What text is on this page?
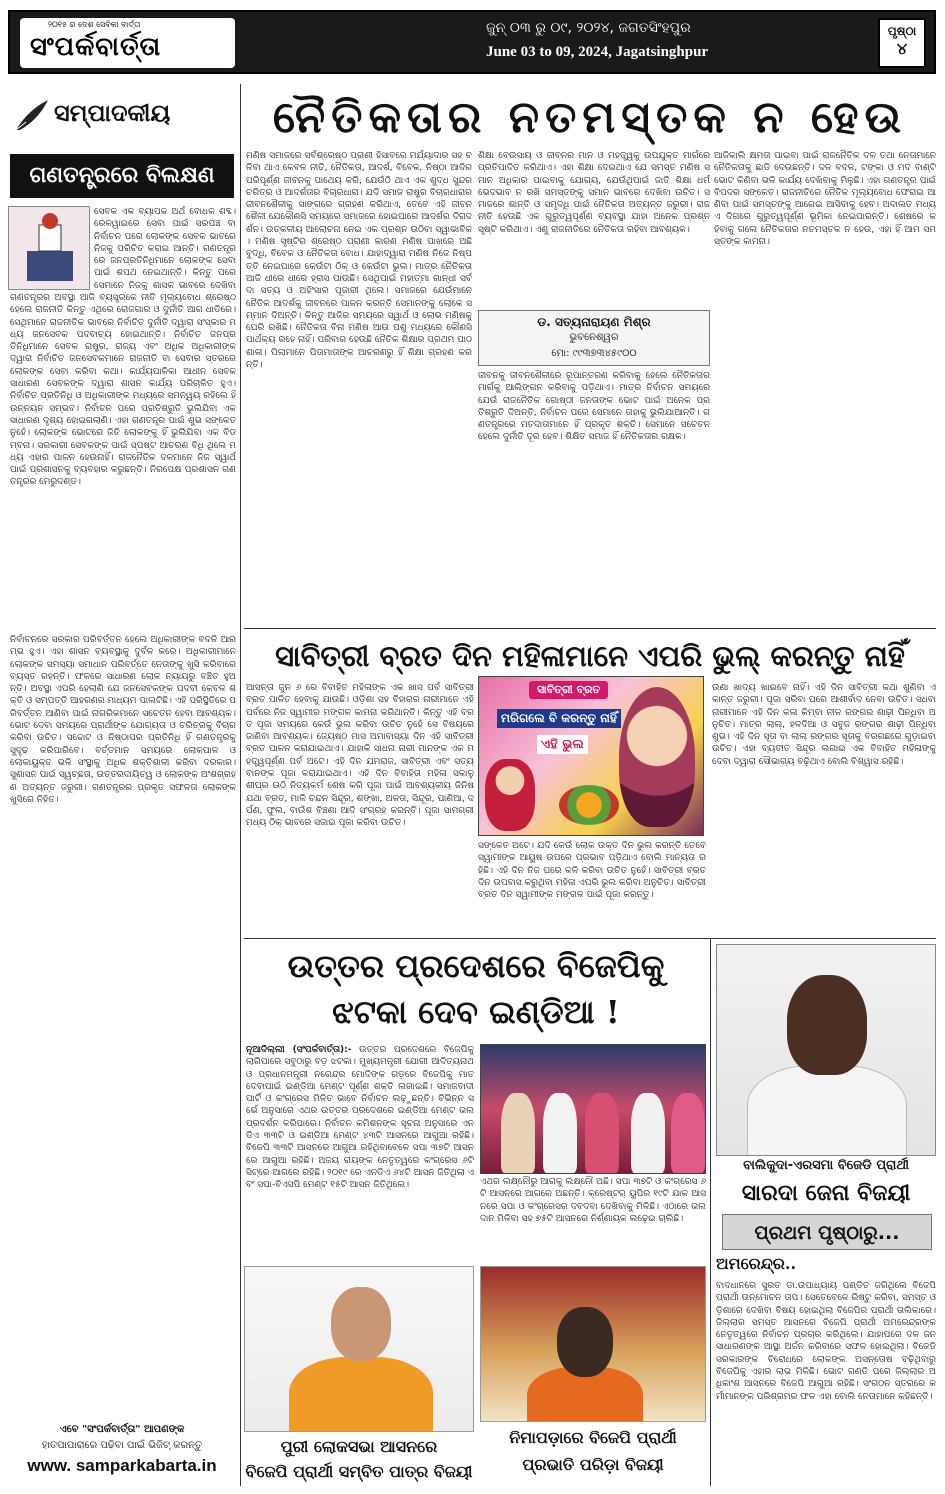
୨୦୧୫ ର ଦେଶ ସେବିକା ବାର୍ତ୍ତା
ସଂପର୍କବାର୍ତ୍ତା
ଜୁନ୍ ୦୩ ରୁ ୦୯, ୨୦୨୪, ଜଗତସିଂହପୁର
June 03 to 09, 2024, Jagatsinghpur
ପୃଷ୍ଠା
୪
ସମ୍ପାଦକୀୟ
ଗଣତନ୍ତ୍ରରେ ବିଲକ୍ଷଣ
ସେବକ ଏକ ବ୍ୟାପକ ଅର୍ଥ ବୋଧକ ଶବ୍ଦ। ରେଳୱାଇରେ ସେବା ପାଇଁ ସରପଞ୍ଚ ବା ନିର୍ବାଚନ ପରେ ଲୋକଙ୍କ ସେବକ ଭାବରେ ନିଜକୁ ପରିଚିତ କରାଇ ଆନ୍ତି। ଗଣତନ୍ତ୍ରରେ ଜନପ୍ରତିନିଧିମାନେ ଲୋକଙ୍କ ସେବା ପାଇଁ ଶପଥ ନେଇଥାନ୍ତି। କିନ୍ତୁ ପରେ ସେମାନେ ନିଜକୁ ଶାସକ ଭାବରେ ଦେଖିବା
ଗଣତନ୍ତ୍ରର ଅବସ୍ଥା ଆଜି ବ୍ୟସ୍ତ୍ରକେ ନୀତି ମୂଲ୍ୟବୋଧ ଶ୍ରେଷ୍ଠ ହେଲେ ରାଜନୀତି କିନ୍ତୁ ଏଥିରେ ରୋଜଗାର ଓ ଦୁର୍ନୀତି ଆଗ ଧାଡିରେ। ସେଥିମାନେ ରାଜନୀତିକ ଭାବରେ ନିର୍ବାଚିତ ଦୁର୍ନୀତି ଦ୍ୱାରା ସଂସ୍କାର ମଧ୍ୟ ଜନସେବକ ପଦବାଚ୍ୟ ହୋଇଥାନ୍ତି। ନିର୍ବାଚିତ ଜନପ୍ରତିନିଧିମାନେ ସେବକ ରାଷ୍ଟ୍ର, ରାଜ୍ୟ ଏବଂ ଅଧିକ ଅଧିକାରୀଙ୍କ ଦ୍ୱାରା ନିର୍ବାଚିତ ଜନସେବକମାନେ ରାଜନୀତି ବା ସେବାର ସ୍ତରରେ ଲୋକଙ୍କ ସେବା କରିବା କଥା। କାର୍ଯ୍ୟପାଳିକା ଆଧୀନ ସେବକ ସାଧାରଣ ସେବକଙ୍କ ଦ୍ୱାରା ଶାସନ କାର୍ଯ୍ୟ ପରିଚାଳିତ ହୁଏ। ନିର୍ବାଚିତ ପ୍ରତିନିଧି ଓ ଅଧିକାରୀଙ୍କ ମଧ୍ୟରେ ସମନ୍ୱୟ ରହିଲେ ହିଁ ଉନ୍ନୟନ ସମ୍ଭବ। ନିର୍ବାଚନ ପରେ ପ୍ରତିଶ୍ରୁତି ଭୁଲିଯିବା ଏକ ସାଧାରଣ ଦୃଶ୍ୟ ହୋଇଗଲାଣି। ଏହା ଗଣତନ୍ତ୍ର ପାଇଁ ଶୁଭ ସଙ୍କେତ ନୁହେଁ। ଲୋକଙ୍କ ଭୋଟରେ ଜିତି ଲୋକଙ୍କୁ ହିଁ ଭୁଲିଯିବା ଏକ ବିଡମ୍ବନା। ସରକାରୀ ସେବକଙ୍କ ପାଇଁ ସ୍ପଷ୍ଟ ଆଚରଣ ବିଧି ଥିଲେ ମଧ୍ୟ ଏହାର ପାଳନ ହେଉନାହିଁ। ରାଜନୈତିକ ଦଳମାନେ ନିଜ ସ୍ୱାର୍ଥ ପାଇଁ ପ୍ରଶାସନକୁ ବ୍ୟବହାର କରୁଛନ୍ତି। ନିରପେକ୍ଷ ପ୍ରଶାସନ ଗଣତନ୍ତ୍ରର ମେରୁଦଣ୍ଡ।
ନିର୍ବାଚନରେ ସରକାର ପରିବର୍ତ୍ତନ ହେଲେ ଅଧିକାରୀଙ୍କ ବଦଳି ଆରମ୍ଭ ହୁଏ। ଏହା ଶାସନ ବ୍ୟବସ୍ଥାକୁ ଦୁର୍ବଳ କରେ। ଅଧିକାରୀମାନେ ଲୋକଙ୍କ ସମସ୍ୟା ସମାଧାନ ପରିବର୍ତ୍ତେ ନେତାଙ୍କୁ ଖୁସି କରିବାରେ ବ୍ୟସ୍ତ ରହନ୍ତି। ଫଳରେ ସାଧାରଣ ଲୋକ ନ୍ୟାୟରୁ ବଞ୍ଚିତ ହୁଅନ୍ତି। ଅବସ୍ଥା ଏପରି ହେଲାଣି ଯେ ଜନସେବକଙ୍କ ପଦବୀ କେବଳ ଶକ୍ତି ଓ ସମ୍ପତ୍ତି ଆହରଣର ମାଧ୍ୟମ ପାଲଟିଛି। ଏହି ପରିସ୍ଥିତିରେ ପରିବର୍ତ୍ତନ ଆଣିବା ପାଇଁ ନାଗରିକମାନେ ସଚେତନ ହେବା ଆବଶ୍ୟକ। ଭୋଟ ଦେବା ସମୟରେ ପ୍ରାର୍ଥୀଙ୍କ ଯୋଗ୍ୟତା ଓ ଚରିତ୍ରକୁ ବିଚାର କରିବା ଉଚିତ। ସଚ୍ଚୋଟ ଓ ନିଷ୍ଠାପର ପ୍ରତିନିଧି ହିଁ ଗଣତନ୍ତ୍ରକୁ ସୁଦୃଢ କରିପାରିବେ। ବର୍ତ୍ତମାନ ସମୟରେ ଲୋକପାଳ ଓ ଲୋକାୟୁକ୍ତ ଭଳି ସଂସ୍ଥାକୁ ଅଧିକ ଶକ୍ତିଶାଳୀ କରିବା ଦରକାର। ସୁଶାସନ ପାଇଁ ସ୍ୱଚ୍ଛତା, ଉତ୍ତରଦାୟିତ୍ୱ ଓ ଲୋକଙ୍କ ଅଂଶଗ୍ରହଣ ଅତ୍ୟନ୍ତ ଜରୁରୀ। ଗଣତନ୍ତ୍ରର ପ୍ରକୃତ ସଫଳତା ଲୋକଙ୍କ ଖୁସିରେ ନିହିତ।
ଏବେ "ସଂପର୍କବାର୍ତ୍ତା" ଆପଣଙ୍କ
ହାତପାପାରାରେ ପଢିବା ପାଇଁ ଭିଜିଟ୍ କରନ୍ତୁ
www. samparkabarta.in
ନୈତିକତାର ନତମସ୍ତକ ନ ହେଉ
ମଣିଷ ସମାଜରେ ସର୍ବଶ୍ରେଷ୍ଠ ପ୍ରାଣୀ ହିସାବରେ ମର୍ଯ୍ୟାଦାର ସହ ଚଳିବା ଥାଏ କେବଳ ନୀତି, ନୈତିକତା, ଆଦର୍ଶ, ବିବେକ, ନିଷ୍ଠା ଆଦିର ପରିପୂର୍ଣ୍ଣ ଜୀବନକୁ ପାଥେୟ କରି, ଯେଉଁଠି ଥାଏ ଏକ ଶୁଦ୍ଧ ସୁନ୍ଦର ଚରିତ୍ର ଓ ଆଦର୍ଶତାର ବିଚାରଧାରା। ଯଦି ସମାଜ ରାଷ୍ଟ୍ର ବିଚାରଧାରାର ଜୀବନଶୈଳୀକୁ ସାଙ୍ଗରେ ଗ୍ରହଣ କରିଥାଏ, ତେବେ ଏହି ଜୀବନଶୈଳୀ ଯେକୌଣସି ସମୟରେ ସମାଜରେ ହୋଇପାରେ ଆଦର୍ଶର ଦିଗଦର୍ଶନ। ଉତ୍କଳୀୟ ଆଲୋଚନା ନେଇ ଏକ ପ୍ରଶ୍ନ ଉଠିବା ସ୍ୱାଭାବିକ। ମଣିଷ ସୃଷ୍ଟିର ଶ୍ରେଷ୍ଠ ପ୍ରାଣୀ କାରଣ ମଣିଷ ପାଖରେ ଅଛି ବୁଦ୍ଧି, ବିବେକ ଓ ନୈତିକତା ବୋଧ। ଯାହାଦ୍ୱାରା ମଣିଷ ନିଜେ ନିଷ୍ପତ୍ତି ନେଇପାରେ କେଉଁଟା ଠିକ୍ ଓ କେଉଁଟା ଭୁଲ। ମାତ୍ର ନୈତିକତା ଆଜି ଧୀରେ ଧୀରେ ହ୍ରାସ ପାଉଛି। ସେଥିପାଇଁ ମହାତ୍ମା ଗାନ୍ଧୀ ସର୍ବଦା ସତ୍ୟ ଓ ଅହିଂସାର ପୂଜାରୀ ଥିଲେ। ସମାଜରେ ଯେଉଁମାନେ ନୈତିକ ଆଦର୍ଶକୁ ଜୀବନରେ ପାଳନ କରନ୍ତି ସେମାନଙ୍କୁ ଲୋକେ ସମ୍ମାନ ଦିଅନ୍ତି। କିନ୍ତୁ ଆଜିର ସମୟରେ ସ୍ୱାର୍ଥ ଓ ଲୋଭ ମଣିଷକୁ ଘେରି ରଖିଛି। ନୈତିକତା ବିନା ମଣିଷ ଆଉ ପଶୁ ମଧ୍ୟରେ କୌଣସି ପାର୍ଥକ୍ୟ ରହେ ନାହିଁ। ପରିବାର ହେଉଛି ନୈତିକ ଶିକ୍ଷାର ପ୍ରଥମ ପାଠଶାଳା। ପିଲାମାନେ ପିତାମାତାଙ୍କ ଆଚରଣରୁ ହିଁ ଶିକ୍ଷା ଗ୍ରହଣ କରନ୍ତି।
ଶିକ୍ଷା ବେଉସାୟ ଓ ଜୀବନର ମାନ ଓ ମହତ୍ତ୍ୱକୁ ଉପଯୁକ୍ତ ମାର୍ଗରେ ପ୍ରତିପାଦିତ କରିଥାଏ। ଏହା ଶିକ୍ଷା ଦେଇଥାଏ ଯେ ସମସ୍ତ ମଣିଷ ସମାନ ଅଧିକାର ପାଇବାକୁ ଯୋଗ୍ୟ, ଯେଉଁଥିପାଇଁ ଜାତି ଶିକ୍ଷା ଧର୍ମ ଭେଦଭାବ ନ ରଖି ସମସ୍ତଙ୍କୁ ସମାନ ଭାବରେ ଦେଖିବା ଉଚିତ। ସମାଜରେ ଶାନ୍ତି ଓ ସମୃଦ୍ଧି ପାଇଁ ନୈତିକତା ଅତ୍ୟନ୍ତ ଜରୁରୀ। ରାଜନୀତି ହେଉଛି ଏକ ଗୁରୁତ୍ୱପୂର୍ଣ୍ଣ ବ୍ୟବସ୍ଥା ଯାହା ଅନେକ ପ୍ରଶ୍ନ ସୃଷ୍ଟି କରିଥାଏ। ଏଣୁ ରାଜନୀତିରେ ନୈତିକତା ରହିବା ଆବଶ୍ୟକ।
ଡ. ସତ୍ୟନାରାୟଣ ମିଶ୍ର
ଭୁବନେଶ୍ୱର
ମୋ: ୯୯୩୭୩୪୫୯୦୦
ଜୀବନକୁ ଜୀବନଶୈଳୀରେ ରୂପାନ୍ତରଣ କରିବାକୁ ହେଲେ ନୈତିକତାର ମାର୍ଗକୁ ଆଲିଙ୍ଗନ କରିବାକୁ ପଡ଼ିଥାଏ। ମାତ୍ର ନିର୍ବାଚନ ସମୟରେ ଯେଉଁ ରାଜନୈତିକ ଗୋଷ୍ଠୀ ଜନତାଙ୍କ ଭୋଟ ପାଇଁ ଅନେକ ପ୍ରତିଶ୍ରୁତି ଦିଅନ୍ତି, ନିର୍ବାଚନ ପରେ ସେମାନେ ତାହାକୁ ଭୁଲିଯାଆନ୍ତି। ଗଣତନ୍ତ୍ରରେ ମତଦାତାମାନେ ହିଁ ପ୍ରକୃତ ଶକ୍ତି। ସେମାନେ ସଚେତନ ହେଲେ ଦୁର୍ନୀତି ଦୂର ହେବ। ଶିକ୍ଷିତ ସମାଜ ହିଁ ନୈତିକତାର ରକ୍ଷକ।
ଆଜିକାଲି କ୍ଷମତା ପାଇବା ପାଇଁ ରାଜନୈତିକ ଦଳ ତଥା ନେତାମାନେ ନୈତିକତାକୁ ଛାଡି ଦେଉଛନ୍ତି। ଦଳ ବଦଳ, ଟଙ୍କା ଓ ମଦ ବାଣ୍ଟି ଭୋଟ କିଣିବା ଭଳି କାର୍ଯ୍ୟ ଦେଖିବାକୁ ମିଳୁଛି। ଏହା ଗଣତନ୍ତ୍ର ପାଇଁ ବିପଦର ସଙ୍କେତ। ରାଜନୀତିରେ ନୈତିକ ମୂଲ୍ୟବୋଧ ଫେରାଇ ଆଣିବା ପାଇଁ ସମସ୍ତଙ୍କୁ ଆଗେଇ ଆସିବାକୁ ହେବ। ଅଦାଲତ ମଧ୍ୟ ଏ ଦିଗରେ ଗୁରୁତ୍ୱପୂର୍ଣ୍ଣ ଭୂମିକା ନେଇପାରନ୍ତି। ଶେଷରେ କହିବାକୁ ଗଲେ ନୈତିକତାର ନତମସ୍ତକ ନ ହେଉ, ଏହା ହିଁ ଆମ ସମସ୍ତଙ୍କ କାମନା।
ସାବିତ୍ରୀ ବ୍ରତ ଦିନ ମହିଳାମାନେ ଏପରି ଭୁଲ୍ କରନ୍ତୁ ନାହିଁ
ଆସନ୍ତା ଜୁନ ୬ ରେ ବିବାହିତ ମହିଳାଙ୍କ ଏକ ଖାସ ପର୍ବ ସାବିତ୍ରୀ ବ୍ରତ ପାଳିତ ହେବାକୁ ଯାଉଛି। ଓଡ଼ିଶା ସହ ବିହାରର ନାରୀମାନେ ଏହି ପର୍ବରେ ନିଜ ସ୍ୱାମୀର ମଙ୍ଗଳ କାମନା କରିଥାନ୍ତି। କିନ୍ତୁ ଏହି ବ୍ରତ ପୂଜା ସମୟରେ କେଉଁ ଭୁଲ କରିବା ଉଚିତ ନୁହେଁ ସେ ବିଷୟରେ ଜାଣିବା ଆବଶ୍ୟକ। ଜ୍ୟେଷ୍ଠ ମାସ ଅମାବାସ୍ୟା ଦିନ ଏହି ସାବିତ୍ରୀ ବ୍ରତ ପାଳନ କରାଯାଇଥାଏ। ଯାହାକି ସାଧନା ନାରୀ ମାନଙ୍କ ଏକ ମହତ୍ତ୍ୱପୂର୍ଣ୍ଣ ପର୍ବ ଅଟେ। ଏହି ଦିନ ଯମରାଜ, ସାବିତ୍ରୀ ଏବଂ ସତ୍ୟବାନଙ୍କ ପୂଜା କରାଯାଇଥାଏ। ଏହି ଦିନ ବିବାହିତା ମହିଳା ସକାଳୁ ଶୀଘ୍ର ଉଠି ନିତ୍ୟକର୍ମ ଶେଷ କରି ପୂଜା ପାଇଁ ଆବଶ୍ୟକୀୟ ଜିନିଷ ଯଥା ବ୍ରତ, ମାଳି ଚନ୍ଦନ ସିନ୍ଦୂର, ଶଙ୍ଖା, ଅଳତା, ସିନ୍ଦୂର, ପାଣିଆ, ଦର୍ପଣ, ଫୁଲ, ବାଉଁଶ ବିଞ୍ଚଣା ଆଦି ସଂଗ୍ରହ କରନ୍ତି। ପୂଜା ସାମଗ୍ରୀ ମଧ୍ୟ ଠିକ୍ ଭାବରେ ସଜାଇ ପୂଜା କରିବା ଉଚିତ।
ସାବିତ୍ରୀ ବ୍ରତ
ମରିଗଲେ ବି କରନ୍ତୁ ନାହିଁ
ଏହି ଭୁଲ
ସଙ୍କେତ ଅଟେ। ଯଦି କେଉଁ ଲୋକ ଉକ୍ତ ଦିନ ଭୁଲ କରନ୍ତି ତେବେ ସ୍ୱାମୀଙ୍କ ଆୟୁଷ ଉପରେ ପ୍ରଭାବ ପଡ଼ିଥାଏ ବୋଲି ମାନ୍ୟତା ରହିଛି। ଏହି ଦିନ ନିଜ ଘରେ କଳି କରିବା ଉଚିତ ନୁହେଁ। ସାବିତ୍ରୀ ବ୍ରତ ଦିନ ଉପବାସ କରୁଥିବା ମହିଳା ଏପରି ଭୁଲ କରିବା ଅନୁଚିତ। ସାବିତ୍ରୀ ବ୍ରତ ଦିନ ସ୍ୱାମୀଙ୍କ ମଙ୍ଗଳ ପାଇଁ ପୂଜା କରନ୍ତୁ।
ଉଣା ଖାଦ୍ୟ ଖାଇବେ ନାହିଁ। ଏହି ଦିନ ସାବିତ୍ରୀ କଥା ଶୁଣିବା ଏକାନ୍ତ ଜରୁରୀ। ପୂଜା ସରିବା ପରେ ଆଶୀର୍ବାଦ ନେବା ଉଚିତ। ସଧବା ନାରୀମାନେ ଏହି ଦିନ କଳା କିମ୍ବା ନୀଳ ରଙ୍ଗର ଶାଢ଼ୀ ପିନ୍ଧିବା ଅନୁଚିତ। ମାତ୍ର ଲାଲ୍, ହଳଦିଆ ଓ ସବୁଜ ରଙ୍ଗର ଶାଢ଼ୀ ପିନ୍ଧିବା ଶୁଭ। ଏହି ଦିନ ସୂତା ବା ଲାଲ୍ ରଙ୍ଗର ସୂତାକୁ ବରଗଛରେ ଗୁଡ଼ାଇବା ଉଚିତ। ଏହା ବ୍ୟତୀତ ସିନ୍ଦୂର ଲଗାଇ ଏକ ବିବାହିତ ମହିଳାଙ୍କୁ ଦେବା ଦ୍ୱାରା ସୌଭାଗ୍ୟ ବଢ଼ିଥାଏ ବୋଲି ବିଶ୍ୱାସ ରହିଛି।
ଉତ୍ତର ପ୍ରଦେଶରେ ବିଜେପିକୁ
ଝଟକା ଦେବ ଇଣ୍ଡିଆ !
ନୂଆଦିଲ୍ଲୀ (ସଂପର୍କବାର୍ତ୍ତା):- ଉତ୍ତର ପ୍ରଦେଶରେ ବିଜେପିକୁ ଲାଗିପାରେ ସବୁଠାରୁ ବଡ଼ ଝଟକା। ମୁଖ୍ୟମନ୍ତ୍ରୀ ଯୋଗୀ ଆଦିତ୍ୟନାଥ ଓ ପ୍ରଧାନମନ୍ତ୍ରୀ ନରେନ୍ଦ୍ର ମୋଦିଙ୍କ ଗଡ଼ରେ ବିଜେପିକୁ ମାତ ଦେବାପାଇଁ ଇଣ୍ଡିଆ ମେଣ୍ଟ ପୂର୍ଣ୍ଣ ଶକ୍ତି ଲଗାଇଛି। ସମାଜବାଦୀ ପାର୍ଟି ଓ କଂଗ୍ରେସ ମିଳିତ ଭାବେ ନିର୍ବାଚନ ଲଢ଼ୁଛନ୍ତି। ବିଭିନ୍ନ ସର୍ଭେ ଅନୁସାରେ ଏଥର ଉତ୍ତର ପ୍ରଦେଶରେ ଇଣ୍ଡିଆ ମେଣ୍ଟ ଭଲ ପ୍ରଦର୍ଶନ କରିପାରେ। ନିର୍ବାଚନ କମିଶନଙ୍କ ସୂଚନା ଅନୁସାରେ ଏନଡିଏ ୩୩ଟି ଓ ଇଣ୍ଡିଆ ମେଣ୍ଟ ୪୩ଟି ଆସନରେ ଆଗୁଆ ରହିଛି। ବିଜେପି ୩୩ଟି ଆସନରେ ଆଗୁଆ ରହିଥିବାବେଳେ ସପା ୩୭ଟି ଆସନରେ ଆଗୁଆ ରହିଛି। ଅଜୟ ରାୟଙ୍କ ନେତୃତ୍ୱରେ କଂଗ୍ରେସ ୬ଟି ସିଟ୍ରେ ଆଗରେ ରହିଛି। ୨୦୧୯ ରେ ଏନଡିଏ ୬୪ଟି ଆସନ ଜିତିଥିଲା ଏବଂ ସପା-ବିଏସପି ମେଣ୍ଟ ୧୫ଟି ଆସନ ଜିତିଥିଲେ।	ଏଥର ଲକ୍ଷ୍ନୌରୁ ଆଗକୁ ଲକ୍ଷ୍ନୌ ଅଛି। ସପା ୩୭ଟି ଓ କଂଗ୍ରେସ ୬ଟି ଆସନରେ ଆଗରେ ଅଛନ୍ତି। କ୍ରେଷ୍ଟର୍ ୟୁପିର ୧୯ଟି ଯାକ ଆସନରେ ସପା ଓ କଂଗ୍ରେସର ଦବଦବା ଦେଖିବାକୁ ମିଳିଛି। ଏଠାରେ ଭଲ ଦାନ ମିଳିବା ସହ ୭୫ଟି ଆସନରେ ନିର୍ଣ୍ଣାୟକ ଲଢ଼େଇ ଚାଲିଛି।
ପୁରୀ ଲୋକସଭା ଆସନରେ
ବିଜେପି ପ୍ରାର୍ଥୀ ସମ୍ବିତ ପାତ୍ର ବିଜୟୀ
ନିମାପଡ଼ାରେ ବିଜେପି ପ୍ରାର୍ଥୀ
ପ୍ରଭାତି ପରିଡ଼ା ବିଜୟୀ
ବାଲିକୁଦା-ଏରସମା ବିଜେଡି ପ୍ରାର୍ଥୀ
ସାରଦା ଜେନା ବିଜୟୀ
ପ୍ରଥମ ପୃଷ୍ଠାରୁ...
ଅମରେନ୍ଦ୍ର..
ବାଦଧାନରେ ସୁରତ ଡା.ଉପାଧ୍ୟାୟ ପଣ୍ଡିତ ଜଗିଥିଲେ ବିଜେପି ପ୍ରାର୍ଥୀ ଉନ୍ମୋଚନ ତାପ। ସେତେବେଳେ ରିଷ୍ଟୁ କରିବା, ସମସ୍ତ ଓଡ଼ିଶାରେ ଦେଖିବା ବିଷୟ ହୋଇଥିଲା ବିଜେପିର ପ୍ରାର୍ଥୀ ତାଲିକାରେ। ଜିଲ୍ଲାର ସମସ୍ତ ଆସନରେ ବିଜେପି ପ୍ରାର୍ଥୀ ଅମରେନ୍ଦ୍ରଙ୍କ ନେତୃତ୍ୱରେ ନିର୍ବାଚନ ପ୍ରଚାର କରିଥିଲେ। ଯାହାପରେ ଦଳ ଜନସାଧାରଣଙ୍କ ଆସ୍ଥା ଅର୍ଜନ କରିବାରେ ସଫଳ ହୋଇଥିଲା। ବିଜେଡି ସରକାରଙ୍କ ବିରୋଧରେ ଲୋକଙ୍କ ଅସନ୍ତୋଷ ବଢ଼ିଥିବାରୁ ବିଜେପିକୁ ଏହାର ଲାଭ ମିଳିଛି। ଭୋଟ ଗଣତି ପରେ ଜିଲ୍ଲାର ଅଧିକାଂଶ ଆସନରେ ବିଜେପି ଆଗୁଆ ରହିଛି। ସଂଗଠନ ସ୍ତରରେ କର୍ମୀମାନଙ୍କ ପରିଶ୍ରମର ଫଳ ଏହା ବୋଲି ନେତାମାନେ କହିଛନ୍ତି।
